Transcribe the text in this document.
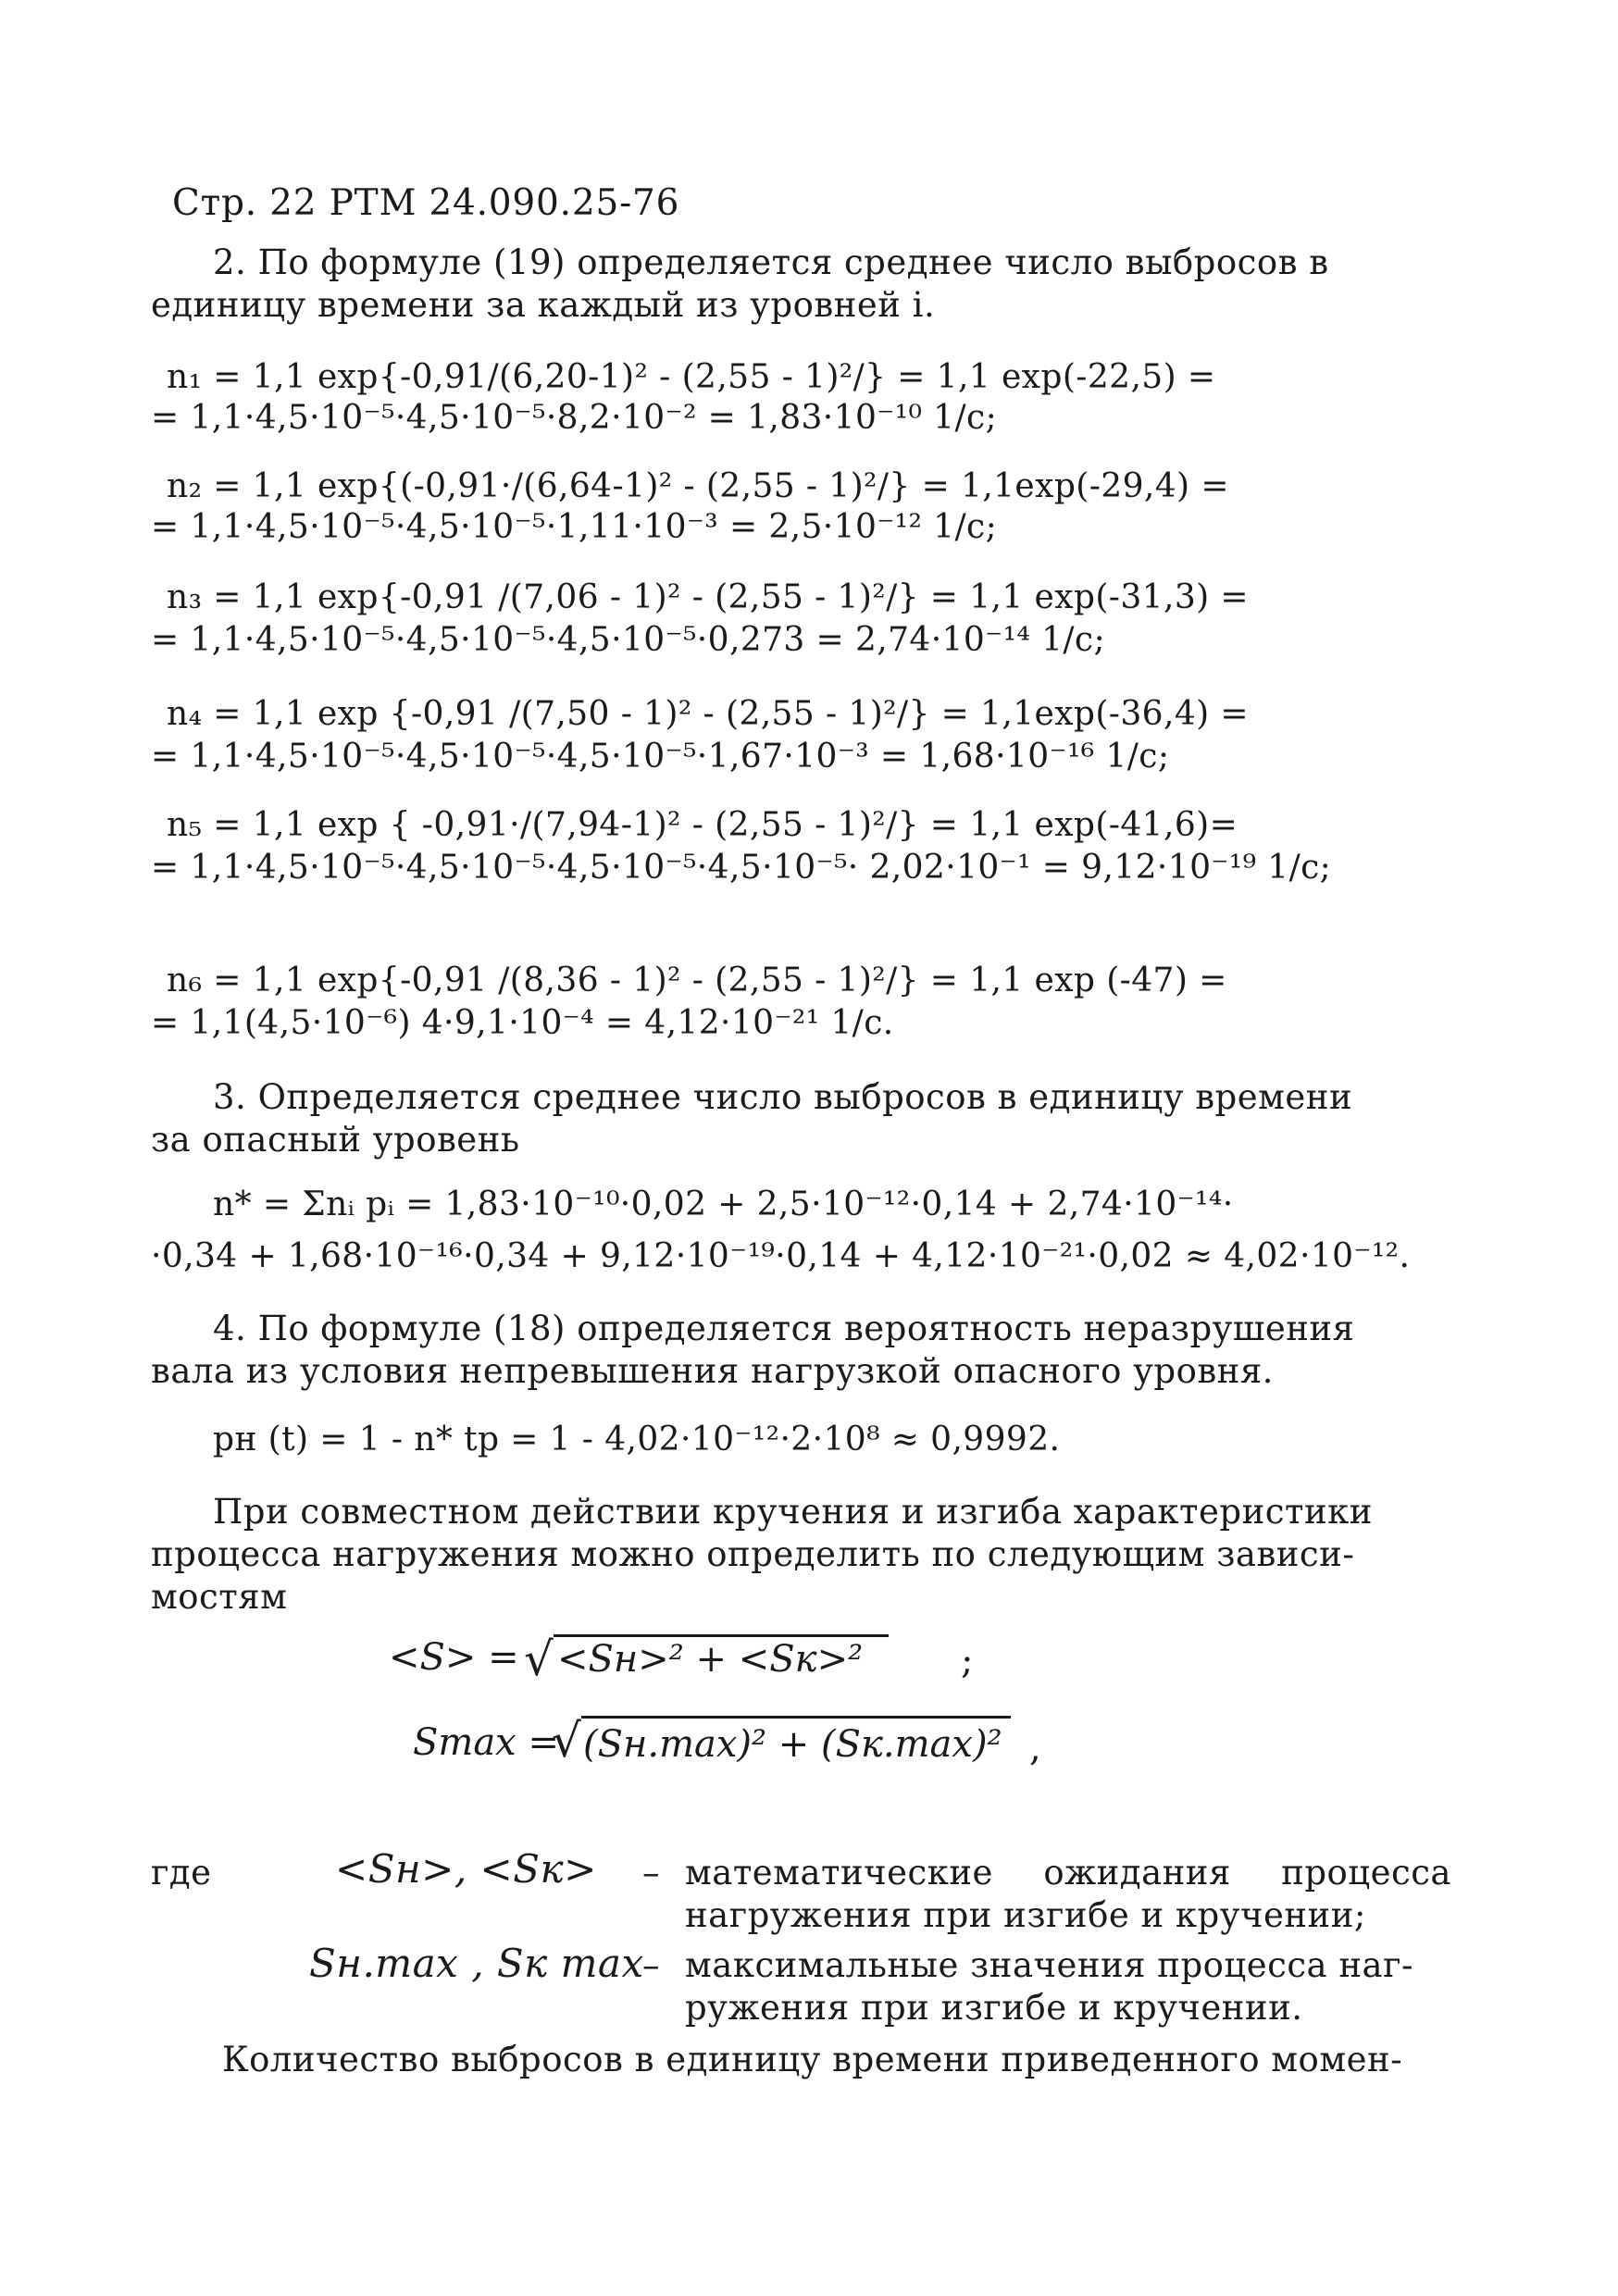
Стр. 22 РТМ 24.090.25-76
2. По формуле (19) определяется среднее число выбросов в
единицу времени за каждый из уровней i.
n₁ = 1,1 exp{-0,91/(6,20-1)² - (2,55 - 1)²/} = 1,1 exp(-22,5) =
= 1,1·4,5·10⁻⁵·4,5·10⁻⁵·8,2·10⁻² = 1,83·10⁻¹⁰ 1/c;
n₂ = 1,1 exp{(-0,91·/(6,64-1)² - (2,55 - 1)²/} = 1,1exp(-29,4) =
= 1,1·4,5·10⁻⁵·4,5·10⁻⁵·1,11·10⁻³ = 2,5·10⁻¹² 1/c;
n₃ = 1,1 exp{-0,91 /(7,06 - 1)² - (2,55 - 1)²/} = 1,1 exp(-31,3) =
= 1,1·4,5·10⁻⁵·4,5·10⁻⁵·4,5·10⁻⁵·0,273 = 2,74·10⁻¹⁴ 1/c;
n₄ = 1,1 exp {-0,91 /(7,50 - 1)² - (2,55 - 1)²/} = 1,1exp(-36,4) =
= 1,1·4,5·10⁻⁵·4,5·10⁻⁵·4,5·10⁻⁵·1,67·10⁻³ = 1,68·10⁻¹⁶ 1/c;
n₅ = 1,1 exp { -0,91·/(7,94-1)² - (2,55 - 1)²/} = 1,1 exp(-41,6)=
= 1,1·4,5·10⁻⁵·4,5·10⁻⁵·4,5·10⁻⁵·4,5·10⁻⁵· 2,02·10⁻¹ = 9,12·10⁻¹⁹ 1/c;
n₆ = 1,1 exp{-0,91 /(8,36 - 1)² - (2,55 - 1)²/} = 1,1 exp (-47) =
= 1,1(4,5·10⁻⁶) 4·9,1·10⁻⁴ = 4,12·10⁻²¹ 1/c.
3. Определяется среднее число выбросов в единицу времени
за опасный уровень
n* = Σnᵢ pᵢ = 1,83·10⁻¹⁰·0,02 + 2,5·10⁻¹²·0,14 + 2,74·10⁻¹⁴·
·0,34 + 1,68·10⁻¹⁶·0,34 + 9,12·10⁻¹⁹·0,14 + 4,12·10⁻²¹·0,02 ≈ 4,02·10⁻¹².
4. По формуле (18) определяется вероятность неразрушения
вала из условия непревышения нагрузкой опасного уровня.
pн (t) = 1 - n* tр = 1 - 4,02·10⁻¹²·2·10⁸ ≈ 0,9992.
При совместном действии кручения и изгиба характеристики
процесса нагружения можно определить по следующим зависи-
мостям
<S> = √ <Sн>² + <Sк>²	;
Smax =
√ (Sн.max)² + (Sк.max)² ,
где	<Sн>, <Sк> – математические ожидания процесса
нагружения при изгибе и кручении;
Sн.max , Sк max
– максимальные значения процесса наг-
ружения при изгибе и кручении.
Количество выбросов в единицу времени приведенного момен-
